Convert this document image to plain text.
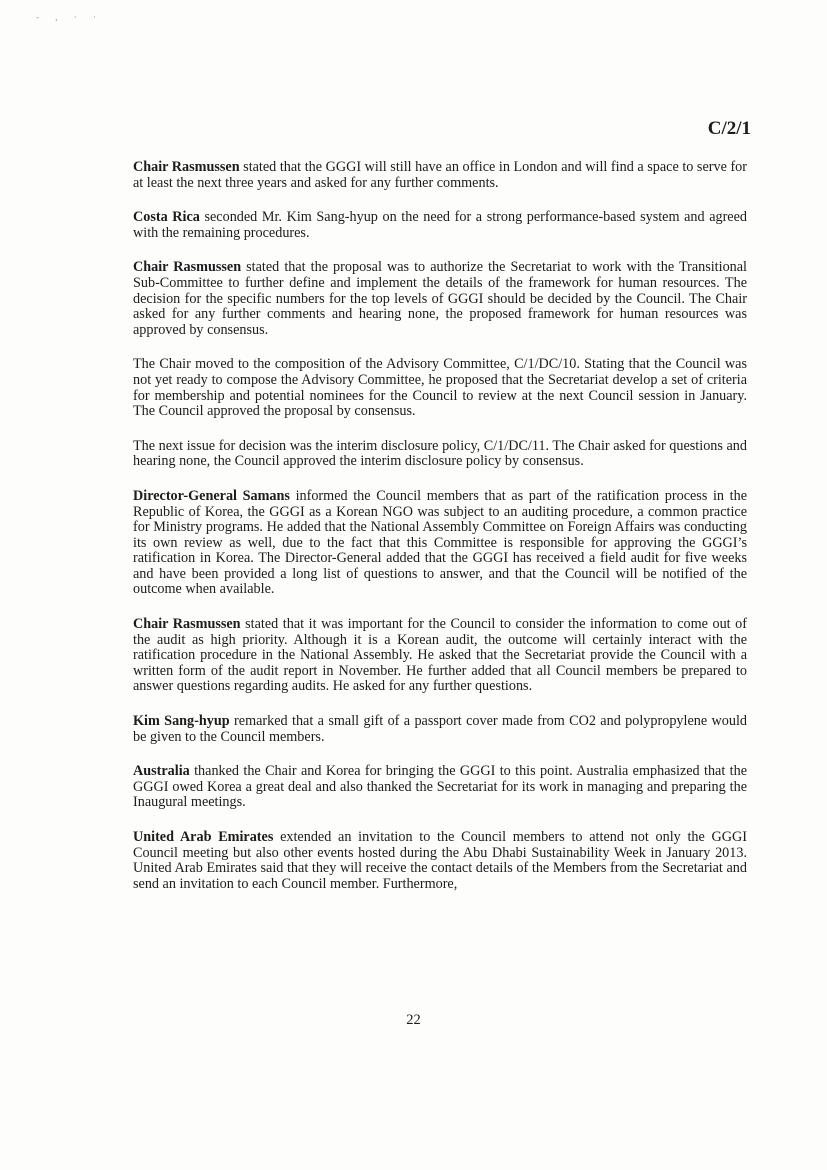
- , · ·
C/2/1

Chair Rasmussen stated that the GGGI will still have an office in London and will find a space to serve for at least the next three years and asked for any further comments.

Costa Rica seconded Mr. Kim Sang-hyup on the need for a strong performance-based system and agreed with the remaining procedures.

Chair Rasmussen stated that the proposal was to authorize the Secretariat to work with the Transitional Sub-Committee to further define and implement the details of the framework for human resources. The decision for the specific numbers for the top levels of GGGI should be decided by the Council. The Chair asked for any further comments and hearing none, the proposed framework for human resources was approved by consensus.

The Chair moved to the composition of the Advisory Committee, C/1/DC/10. Stating that the Council was not yet ready to compose the Advisory Committee, he proposed that the Secretariat develop a set of criteria for membership and potential nominees for the Council to review at the next Council session in January. The Council approved the proposal by consensus.

The next issue for decision was the interim disclosure policy, C/1/DC/11. The Chair asked for questions and hearing none, the Council approved the interim disclosure policy by consensus.

Director-General Samans informed the Council members that as part of the ratification process in the Republic of Korea, the GGGI as a Korean NGO was subject to an auditing procedure, a common practice for Ministry programs. He added that the National Assembly Committee on Foreign Affairs was conducting its own review as well, due to the fact that this Committee is responsible for approving the GGGI’s ratification in Korea. The Director-General added that the GGGI has received a field audit for five weeks and have been provided a long list of questions to answer, and that the Council will be notified of the outcome when available.

Chair Rasmussen stated that it was important for the Council to consider the information to come out of the audit as high priority. Although it is a Korean audit, the outcome will certainly interact with the ratification procedure in the National Assembly. He asked that the Secretariat provide the Council with a written form of the audit report in November. He further added that all Council members be prepared to answer questions regarding audits. He asked for any further questions.

Kim Sang-hyup remarked that a small gift of a passport cover made from CO2 and polypropylene would be given to the Council members.

Australia thanked the Chair and Korea for bringing the GGGI to this point. Australia emphasized that the GGGI owed Korea a great deal and also thanked the Secretariat for its work in managing and preparing the Inaugural meetings.

United Arab Emirates extended an invitation to the Council members to attend not only the GGGI Council meeting but also other events hosted during the Abu Dhabi Sustainability Week in January 2013. United Arab Emirates said that they will receive the contact details of the Members from the Secretariat and send an invitation to each Council member. Furthermore,

22
